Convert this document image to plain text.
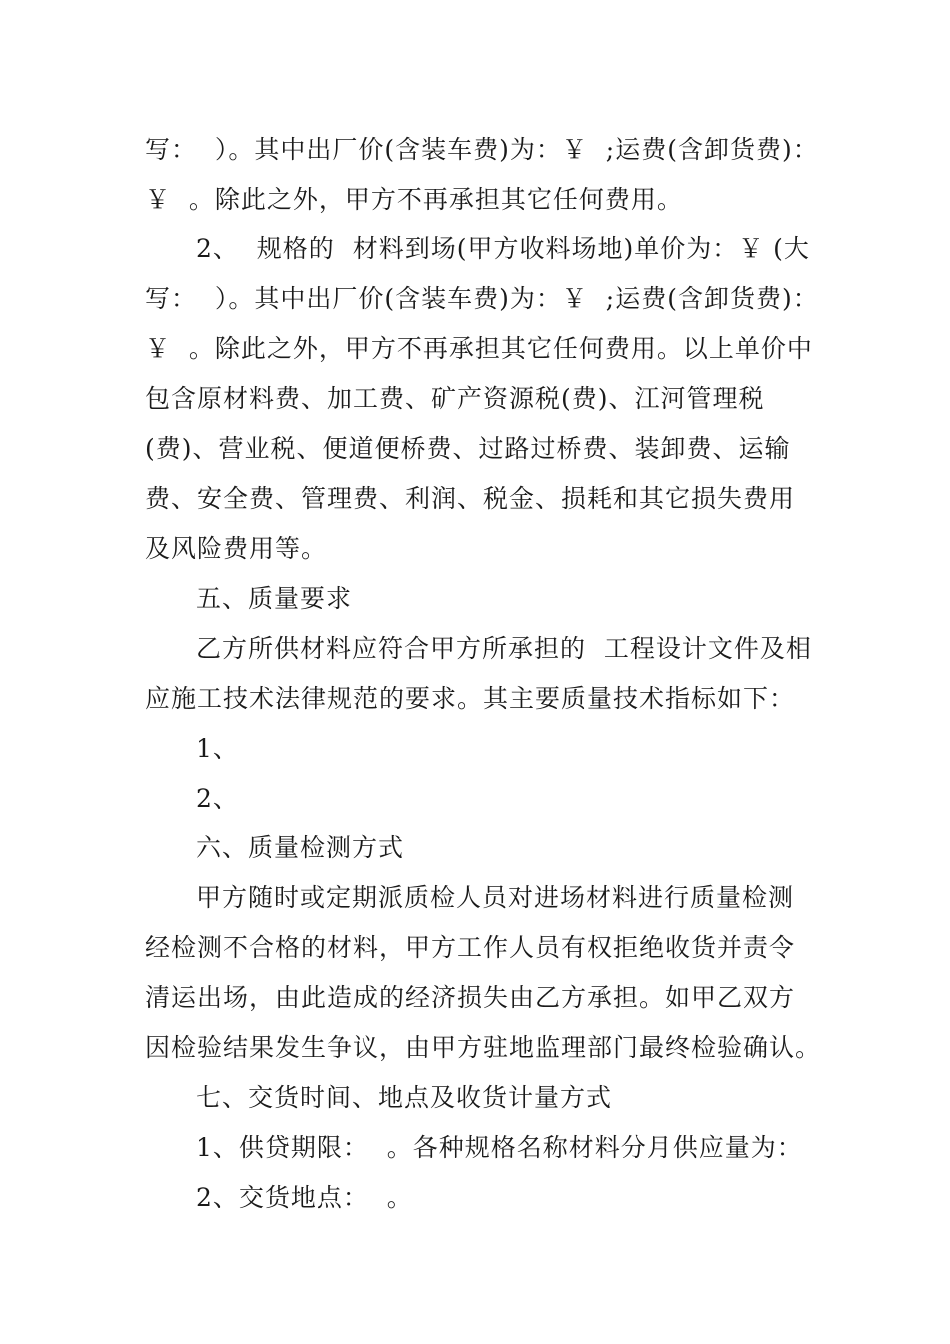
写：  ）。其中出厂价(含装车费)为：￥  ;运费(含卸货费)：
￥  。除此之外，甲方不再承担其它任何费用。
2、  规格的  材料到场(甲方收料场地)单价为：￥ (大
写：  ）。其中出厂价(含装车费)为：￥  ;运费(含卸货费)：
￥  。除此之外，甲方不再承担其它任何费用。以上单价中
包含原材料费、加工费、矿产资源税(费)、江河管理税
(费)、营业税、便道便桥费、过路过桥费、装卸费、运输
费、安全费、管理费、利润、税金、损耗和其它损失费用
及风险费用等。
五、质量要求
乙方所供材料应符合甲方所承担的  工程设计文件及相
应施工技术法律规范的要求。其主要质量技术指标如下：
1、
2、
六、质量检测方式
甲方随时或定期派质检人员对进场材料进行质量检测
经检测不合格的材料，甲方工作人员有权拒绝收货并责令
清运出场，由此造成的经济损失由乙方承担。如甲乙双方
因检验结果发生争议，由甲方驻地监理部门最终检验确认。
七、交货时间、地点及收货计量方式
1、供贷期限：  。各种规格名称材料分月供应量为：
2、交货地点：  。
